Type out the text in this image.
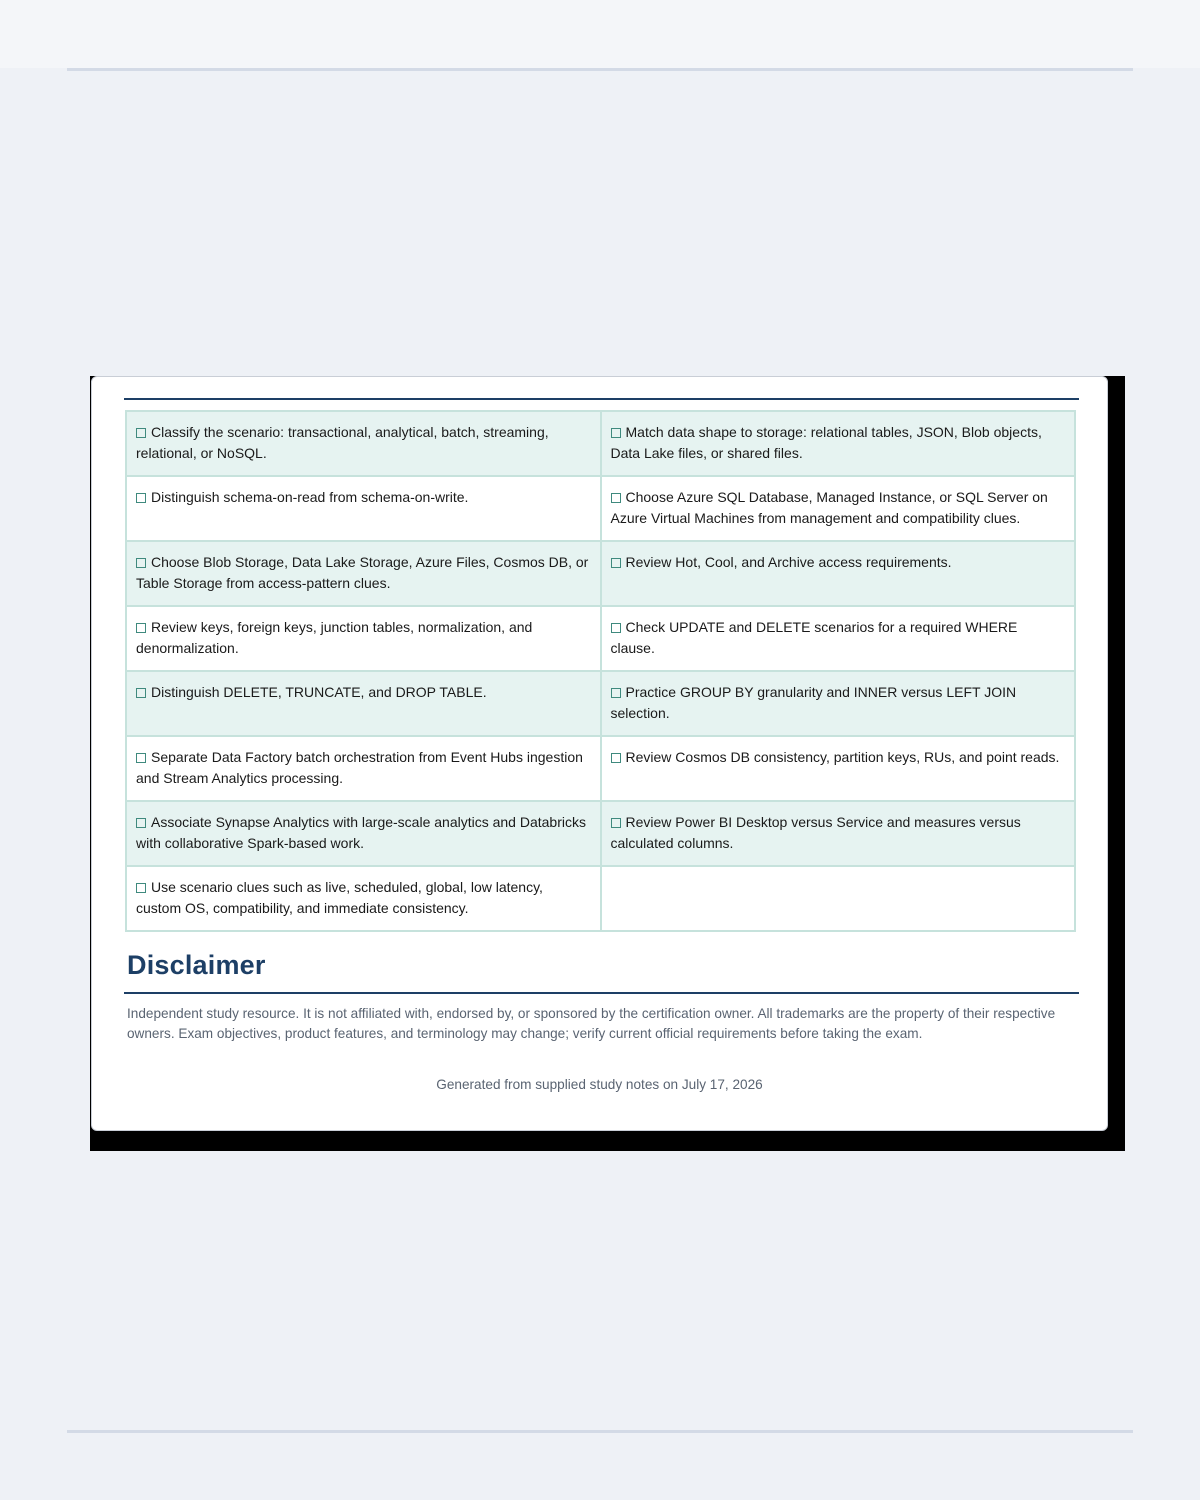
Classify the scenario: transactional, analytical, batch, streaming, relational, or NoSQL.	Match data shape to storage: relational tables, JSON, Blob objects, Data Lake files, or shared files.
Distinguish schema-on-read from schema-on-write.	Choose Azure SQL Database, Managed Instance, or SQL Server on Azure Virtual Machines from management and compatibility clues.
Choose Blob Storage, Data Lake Storage, Azure Files, Cosmos DB, or Table Storage from access-pattern clues.	Review Hot, Cool, and Archive access requirements.
Review keys, foreign keys, junction tables, normalization, and denormalization.	Check UPDATE and DELETE scenarios for a required WHERE clause.
Distinguish DELETE, TRUNCATE, and DROP TABLE.	Practice GROUP BY granularity and INNER versus LEFT JOIN selection.
Separate Data Factory batch orchestration from Event Hubs ingestion and Stream Analytics processing.	Review Cosmos DB consistency, partition keys, RUs, and point reads.
Associate Synapse Analytics with large-scale analytics and Databricks with collaborative Spark-based work.	Review Power BI Desktop versus Service and measures versus calculated columns.
Use scenario clues such as live, scheduled, global, low latency, custom OS, compatibility, and immediate consistency.	
Disclaimer

Independent study resource. It is not affiliated with, endorsed by, or sponsored by the certification owner. All trademarks are the property of their respective owners. Exam objectives, product features, and terminology may change; verify current official requirements before taking the exam.

Generated from supplied study notes on July 17, 2026
